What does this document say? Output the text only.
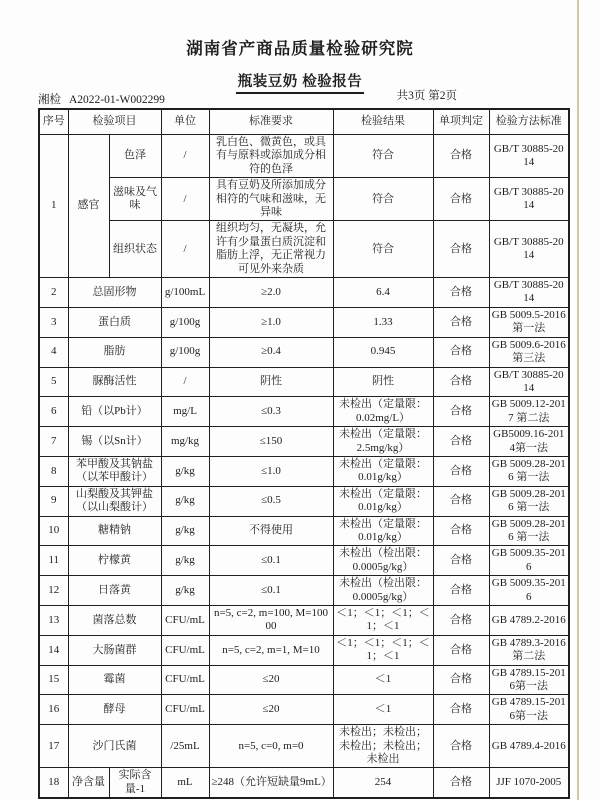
湖南省产商品质量检验研究院
瓶装豆奶 检验报告
湘检 A2022-01-W002299	共3页 第2页
序号	检验项目		单位	标准要求	检验结果	单项判定	检验方法标准
1	感官	色泽	/	乳白色、微黄色，或具有与原料或添加成分相符的色泽	符合	合格	GB/T 30885-2014
		滋味及气味	/	具有豆奶及所添加成分相符的气味和滋味，无异味	符合	合格	GB/T 30885-2014
		组织状态	/	组织均匀，无凝块，允许有少量蛋白质沉淀和脂肪上浮，无正常视力可见外来杂质	符合	合格	GB/T 30885-2014
2	总固形物		g/100mL	≥2.0	6.4	合格	GB/T 30885-2014
3	蛋白质		g/100g	≥1.0	1.33	合格	GB 5009.5-2016第一法
4	脂肪		g/100g	≥0.4	0.945	合格	GB 5009.6-2016第三法
5	脲酶活性		/	阴性	阴性	合格	GB/T 30885-2014
6	铅（以Pb计）		mg/L	≤0.3	未检出（定量限：0.02mg/L）	合格	GB 5009.12-2017 第二法
7	锡（以Sn计）		mg/kg	≤150	未检出（定量限：2.5mg/kg）	合格	GB5009.16-2014第一法
8	苯甲酸及其钠盐（以苯甲酸计）		g/kg	≤1.0	未检出（定量限：0.01g/kg）	合格	GB 5009.28-2016 第一法
9	山梨酸及其钾盐（以山梨酸计）		g/kg	≤0.5	未检出（定量限：0.01g/kg）	合格	GB 5009.28-2016 第一法
10	糖精钠		g/kg	不得使用	未检出（定量限：0.01g/kg）	合格	GB 5009.28-2016 第一法
11	柠檬黄		g/kg	≤0.1	未检出（检出限：0.0005g/kg）	合格	GB 5009.35-2016
12	日落黄		g/kg	≤0.1	未检出（检出限：0.0005g/kg）	合格	GB 5009.35-2016
13	菌落总数		CFU/mL	n=5, c=2, m=100, M=10000	＜1；＜1；＜1；＜1；＜1	合格	GB 4789.2-2016
14	大肠菌群		CFU/mL	n=5, c=2, m=1, M=10	＜1；＜1；＜1；＜1；＜1	合格	GB 4789.3-2016第二法
15	霉菌		CFU/mL	≤20	＜1	合格	GB 4789.15-2016第一法
16	酵母		CFU/mL	≤20	＜1	合格	GB 4789.15-2016第一法
17	沙门氏菌		/25mL	n=5, c=0, m=0	未检出；未检出；未检出；未检出；未检出	合格	GB 4789.4-2016
18	净含量	实际含量-1	mL	≥248（允许短缺量9mL）	254	合格	JJF 1070-2005
